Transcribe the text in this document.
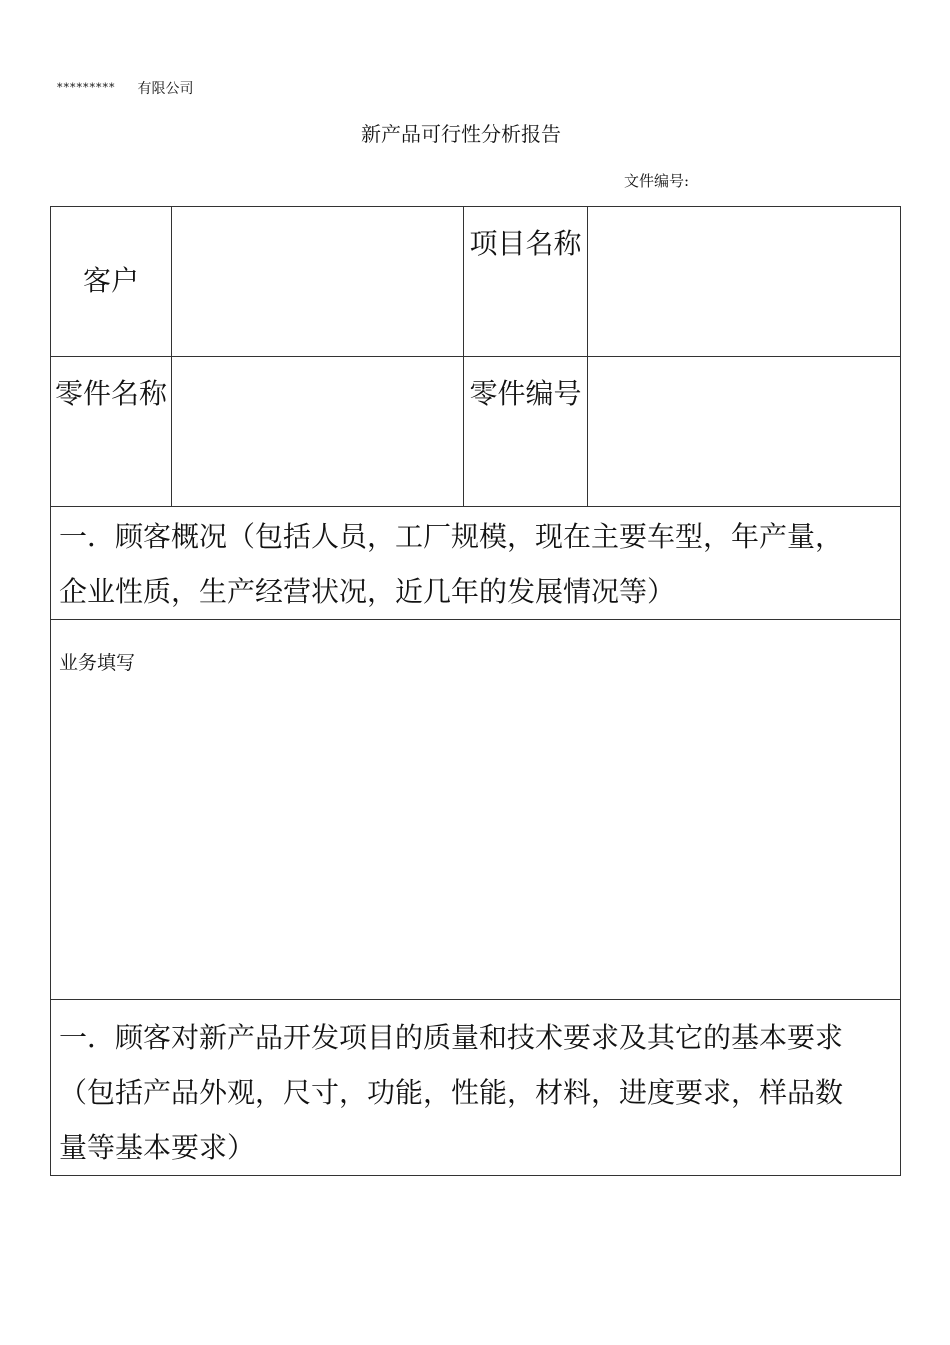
********* 有限公司
新产品可行性分析报告
文件编号:
客户		项目名称	
零件名称		零件编号	

一．顾客概况（包括人员，工厂规模，现在主要车型，年产量，企业性质，生产经营状况，近几年的发展情况等）			

业务填写			

一．顾客对新产品开发项目的质量和技术要求及其它的基本要求（包括产品外观，尺寸，功能，性能，材料，进度要求，样品数量等基本要求）			
